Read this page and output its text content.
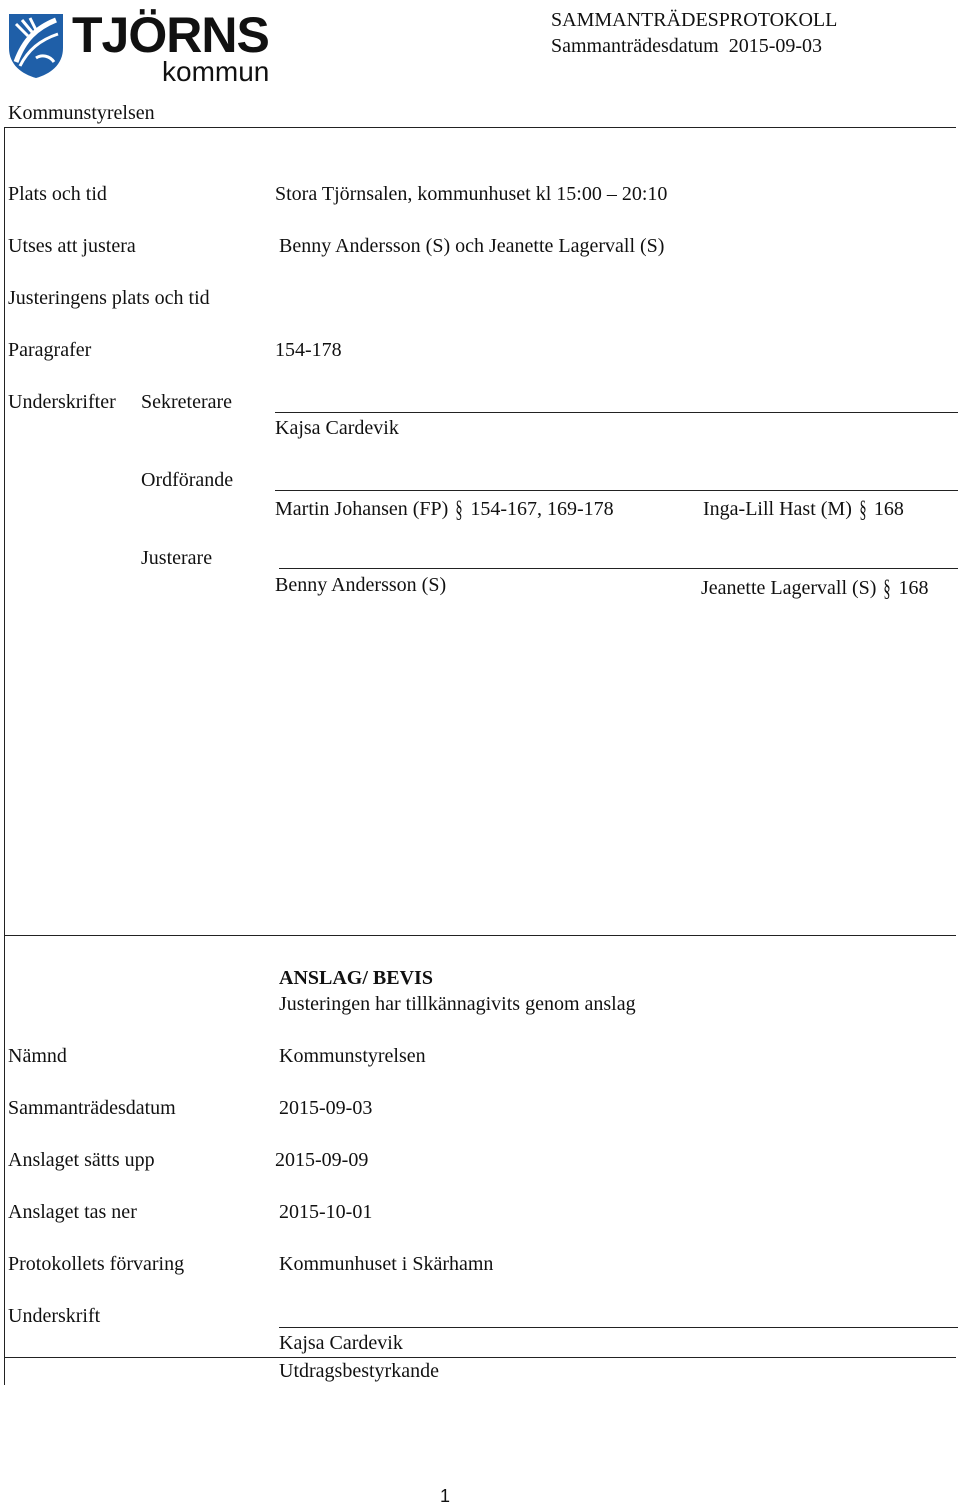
TJÖRNS
kommun
SAMMANTRÄDESPROTOKOLL
Sammanträdesdatum  2015-09-03
Kommunstyrelsen
Plats och tid	Stora Tjörnsalen, kommunhuset kl 15:00 – 20:10
Utses att justera	Benny Andersson (S) och Jeanette Lagervall (S)
Justeringens plats och tid
Paragrafer	154-178
Underskrifter Sekreterare
Kajsa Cardevik
Ordförande
Martin Johansen (FP) § 154-167, 169-178	Inga-Lill Hast (M) § 168
Justerare
Benny Andersson (S)	Jeanette Lagervall (S) § 168
ANSLAG/ BEVIS
Justeringen har tillkännagivits genom anslag
Nämnd	Kommunstyrelsen
Sammanträdesdatum	2015-09-03
Anslaget sätts upp	2015-09-09
Anslaget tas ner	2015-10-01
Protokollets förvaring	Kommunhuset i Skärhamn
Underskrift
Kajsa Cardevik
Utdragsbestyrkande
1
